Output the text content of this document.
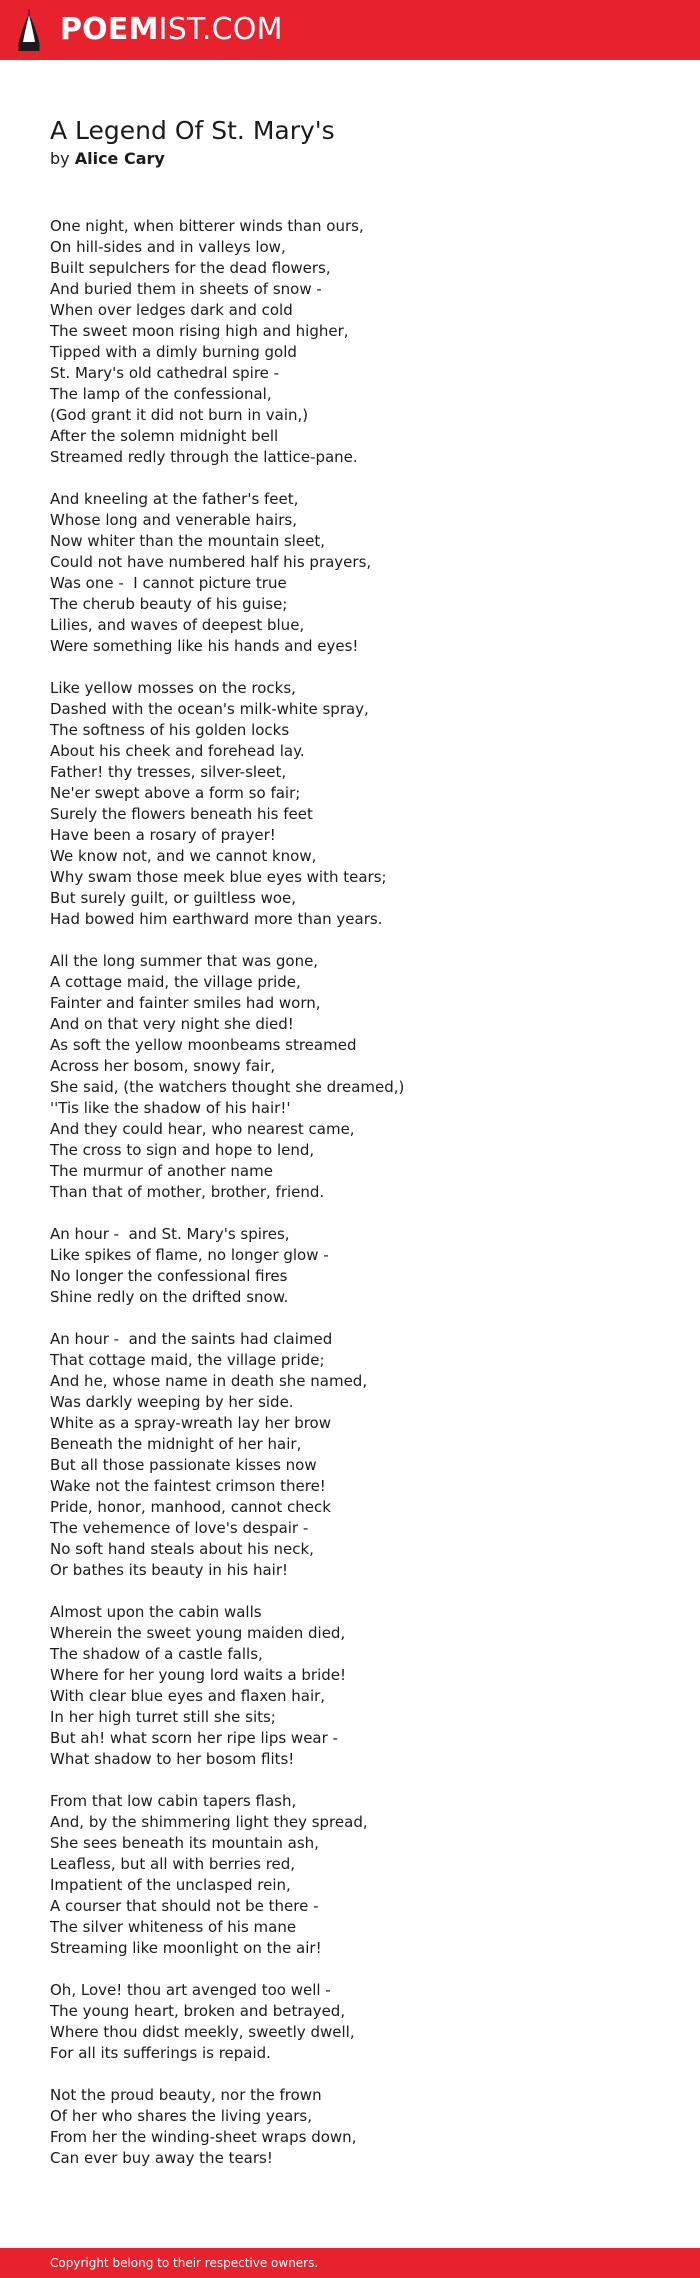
POEMIST.COM
A Legend Of St. Mary's
by Alice Cary
One night, when bitterer winds than ours,
On hill-sides and in valleys low,
Built sepulchers for the dead flowers,
And buried them in sheets of snow -
When over ledges dark and cold
The sweet moon rising high and higher,
Tipped with a dimly burning gold
St. Mary's old cathedral spire -
The lamp of the confessional,
(God grant it did not burn in vain,)
After the solemn midnight bell
Streamed redly through the lattice-pane.
And kneeling at the father's feet,
Whose long and venerable hairs,
Now whiter than the mountain sleet,
Could not have numbered half his prayers,
Was one -  I cannot picture true
The cherub beauty of his guise;
Lilies, and waves of deepest blue,
Were something like his hands and eyes!
Like yellow mosses on the rocks,
Dashed with the ocean's milk-white spray,
The softness of his golden locks
About his cheek and forehead lay.
Father! thy tresses, silver-sleet,
Ne'er swept above a form so fair;
Surely the flowers beneath his feet
Have been a rosary of prayer!
We know not, and we cannot know,
Why swam those meek blue eyes with tears;
But surely guilt, or guiltless woe,
Had bowed him earthward more than years.
All the long summer that was gone,
A cottage maid, the village pride,
Fainter and fainter smiles had worn,
And on that very night she died!
As soft the yellow moonbeams streamed
Across her bosom, snowy fair,
She said, (the watchers thought she dreamed,)
''Tis like the shadow of his hair!'
And they could hear, who nearest came,
The cross to sign and hope to lend,
The murmur of another name
Than that of mother, brother, friend.
An hour -  and St. Mary's spires,
Like spikes of flame, no longer glow -
No longer the confessional fires
Shine redly on the drifted snow.
An hour -  and the saints had claimed
That cottage maid, the village pride;
And he, whose name in death she named,
Was darkly weeping by her side.
White as a spray-wreath lay her brow
Beneath the midnight of her hair,
But all those passionate kisses now
Wake not the faintest crimson there!
Pride, honor, manhood, cannot check
The vehemence of love's despair -
No soft hand steals about his neck,
Or bathes its beauty in his hair!
Almost upon the cabin walls
Wherein the sweet young maiden died,
The shadow of a castle falls,
Where for her young lord waits a bride!
With clear blue eyes and flaxen hair,
In her high turret still she sits;
But ah! what scorn her ripe lips wear -
What shadow to her bosom flits!
From that low cabin tapers flash,
And, by the shimmering light they spread,
She sees beneath its mountain ash,
Leafless, but all with berries red,
Impatient of the unclasped rein,
A courser that should not be there -
The silver whiteness of his mane
Streaming like moonlight on the air!
Oh, Love! thou art avenged too well -
The young heart, broken and betrayed,
Where thou didst meekly, sweetly dwell,
For all its sufferings is repaid.
Not the proud beauty, nor the frown
Of her who shares the living years,
From her the winding-sheet wraps down,
Can ever buy away the tears!
Copyright belong to their respective owners.
